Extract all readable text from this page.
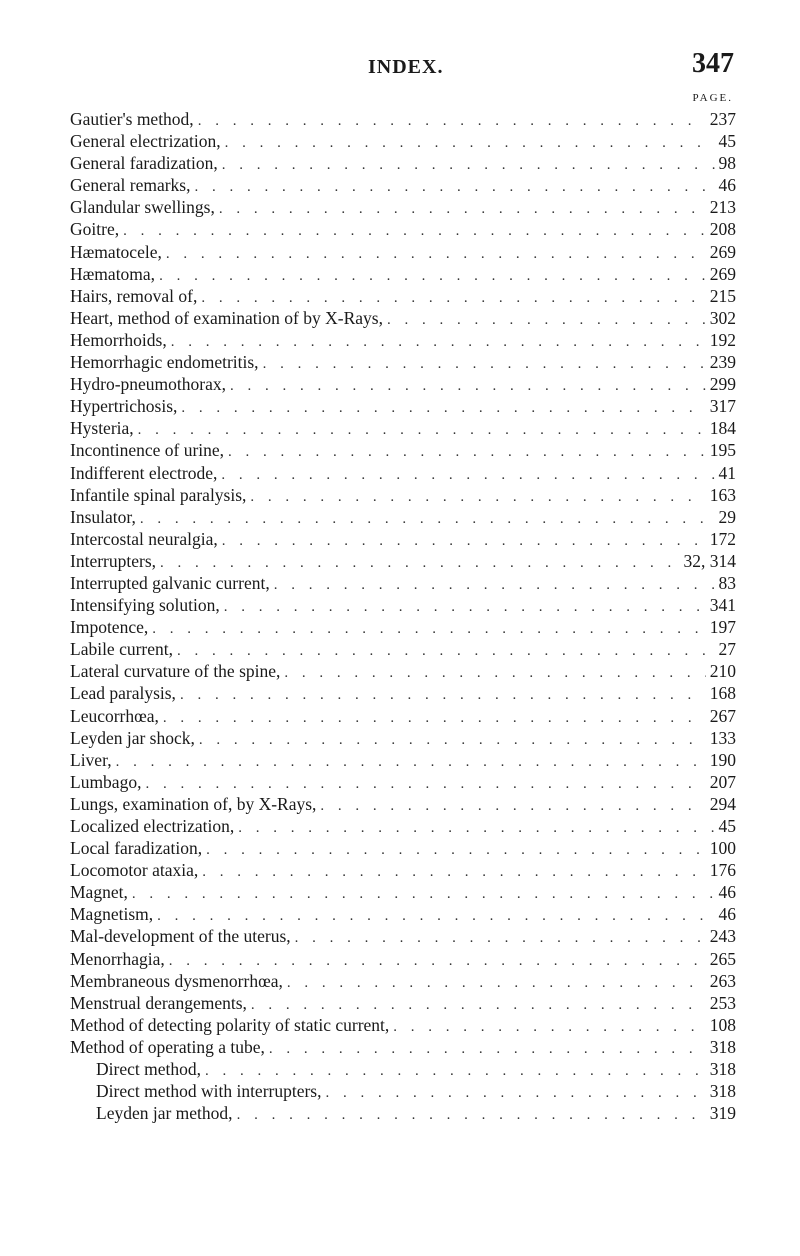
INDEX.	347
PAGE.
Gautier's method, . . .	237
General electrization, . . .	45
General faradization, . . .	98
General remarks, . . .	46
Glandular swellings, . . .	213
Goitre, . . .	208
Hæmatocele, . . .	269
Hæmatoma, . . .	269
Hairs, removal of, . . .	215
Heart, method of examination of by X-Rays, . . .	302
Hemorrhoids, . . .	192
Hemorrhagic endometritis, . . .	239
Hydro-pneumothorax, . . .	299
Hypertrichosis, . . .	317
Hysteria, . . .	184
Incontinence of urine, . . .	195
Indifferent electrode, . . .	41
Infantile spinal paralysis, . . .	163
Insulator, . . .	29
Intercostal neuralgia, . . .	172
Interrupters, . . .	32, 314
Interrupted galvanic current, . . .	83
Intensifying solution, . . .	341
Impotence, . . .	197
Labile current, . . .	27
Lateral curvature of the spine, . . .	210
Lead paralysis, . . .	168
Leucorrhœa, . . .	267
Leyden jar shock, . . .	133
Liver, . . .	190
Lumbago, . . .	207
Lungs, examination of, by X-Rays, . . .	294
Localized electrization, . . .	45
Local faradization, . . .	100
Locomotor ataxia, . . .	176
Magnet, . . .	46
Magnetism, . . .	46
Mal-development of the uterus, . . .	243
Menorrhagia, . . .	265
Membraneous dysmenorrhœa, . . .	263
Menstrual derangements, . . .	253
Method of detecting polarity of static current, . . .	108
Method of operating a tube, . . .	318
Direct method, . . .	318
Direct method with interrupters, . . .	318
Leyden jar method, . . .	319
